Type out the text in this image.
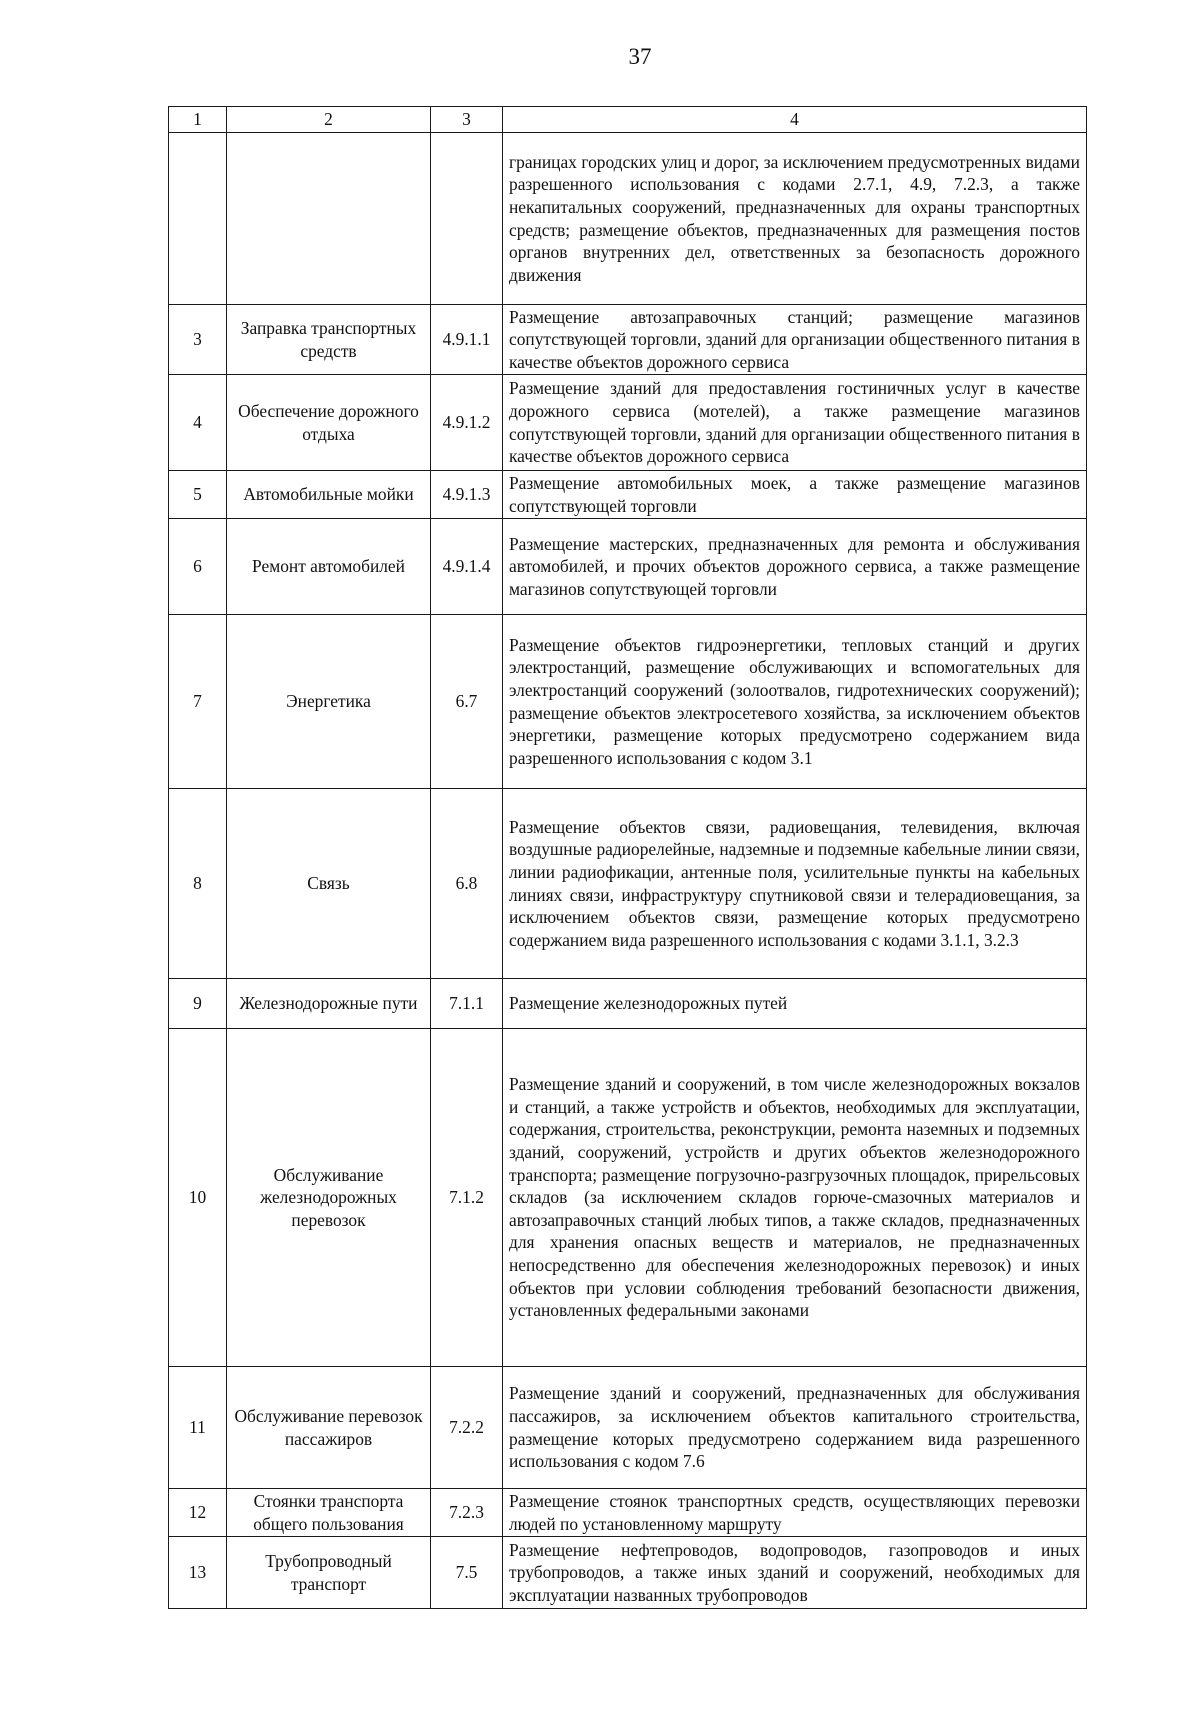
37
1	2	3	4
			границах городских улиц и дорог, за исключением предусмотренных видами разрешенного использования с кодами 2.7.1, 4.9, 7.2.3, а также некапитальных сооружений, предназначенных для охраны транспортных средств; размещение объектов, предназначенных для размещения постов органов внутренних дел, ответственных за безопасность дорожного движения
3	Заправка транспортных средств	4.9.1.1	Размещение автозаправочных станций; размещение магазинов сопутствующей торговли, зданий для организации общественного питания в качестве объектов дорожного сервиса
4	Обеспечение дорожного отдыха	4.9.1.2	Размещение зданий для предоставления гостиничных услуг в качестве дорожного сервиса (мотелей), а также размещение магазинов сопутствующей торговли, зданий для организации общественного питания в качестве объектов дорожного сервиса
5	Автомобильные мойки	4.9.1.3	Размещение автомобильных моек, а также размещение магазинов сопутствующей торговли
6	Ремонт автомобилей	4.9.1.4	Размещение мастерских, предназначенных для ремонта и обслуживания автомобилей, и прочих объектов дорожного сервиса, а также размещение магазинов сопутствующей торговли
7	Энергетика	6.7	Размещение объектов гидроэнергетики, тепловых станций и других электростанций, размещение обслуживающих и вспомогательных для электростанций сооружений (золоотвалов, гидротехнических сооружений); размещение объектов электросетевого хозяйства, за исключением объектов энергетики, размещение которых предусмотрено содержанием вида разрешенного использования с кодом 3.1
8	Связь	6.8	Размещение объектов связи, радиовещания, телевидения, включая воздушные радиорелейные, надземные и подземные кабельные линии связи, линии радиофикации, антенные поля, усилительные пункты на кабельных линиях связи, инфраструктуру спутниковой связи и телерадиовещания, за исключением объектов связи, размещение которых предусмотрено содержанием вида разрешенного использования с кодами 3.1.1, 3.2.3
9	Железнодорожные пути	7.1.1	Размещение железнодорожных путей
10	Обслуживание железнодорожных перевозок	7.1.2	Размещение зданий и сооружений, в том числе железнодорожных вокзалов и станций, а также устройств и объектов, необходимых для эксплуатации, содержания, строительства, реконструкции, ремонта наземных и подземных зданий, сооружений, устройств и других объектов железнодорожного транспорта; размещение погрузочно-разгрузочных площадок, прирельсовых складов (за исключением складов горюче-смазочных материалов и автозаправочных станций любых типов, а также складов, предназначенных для хранения опасных веществ и материалов, не предназначенных непосредственно для обеспечения железнодорожных перевозок) и иных объектов при условии соблюдения требований безопасности движения, установленных федеральными законами
11	Обслуживание перевозок пассажиров	7.2.2	Размещение зданий и сооружений, предназначенных для обслуживания пассажиров, за исключением объектов капитального строительства, размещение которых предусмотрено содержанием вида разрешенного использования с кодом 7.6
12	Стоянки транспорта общего пользования	7.2.3	Размещение стоянок транспортных средств, осуществляющих перевозки людей по установленному маршруту
13	Трубопроводный транспорт	7.5	Размещение нефтепроводов, водопроводов, газопроводов и иных трубопроводов, а также иных зданий и сооружений, необходимых для эксплуатации названных трубопроводов
